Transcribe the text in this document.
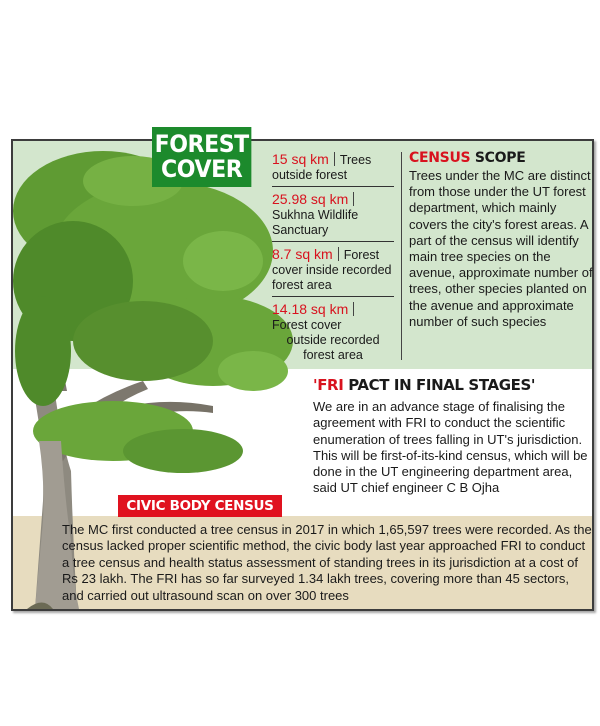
FOREST
COVER	15 sq km Trees
outside forest
25.98 sq km
Sukhna Wildlife Sanctuary
8.7 sq km Forest
cover inside recorded forest area
14.18 sq km
Forest cover
outside recorded forest area
CENSUS SCOPE
Trees under the MC are distinct from those under the UT forest department, which mainly covers the city's forest areas. A part of the census will identify main tree species on the avenue, approximate number of trees, other species planted on the avenue and approximate number of such species
'FRI PACT IN FINAL STAGES'
We are in an advance stage of finalising the agreement with FRI to conduct the scientific enumeration of trees falling in UT's jurisdiction. This will be first-of-its-kind census, which will be done in the UT engineering department area, said UT chief engineer C B Ojha
CIVIC BODY CENSUS
The MC first conducted a tree census in 2017 in which 1,65,597 trees were recorded. As the census lacked proper scientific method, the civic body last year approached FRI to conduct a tree census and health status assessment of standing trees in its jurisdiction at a cost of Rs 23 lakh. The FRI has so far surveyed 1.34 lakh trees, covering more than 45 sectors, and carried out ultrasound scan on over 300 trees
